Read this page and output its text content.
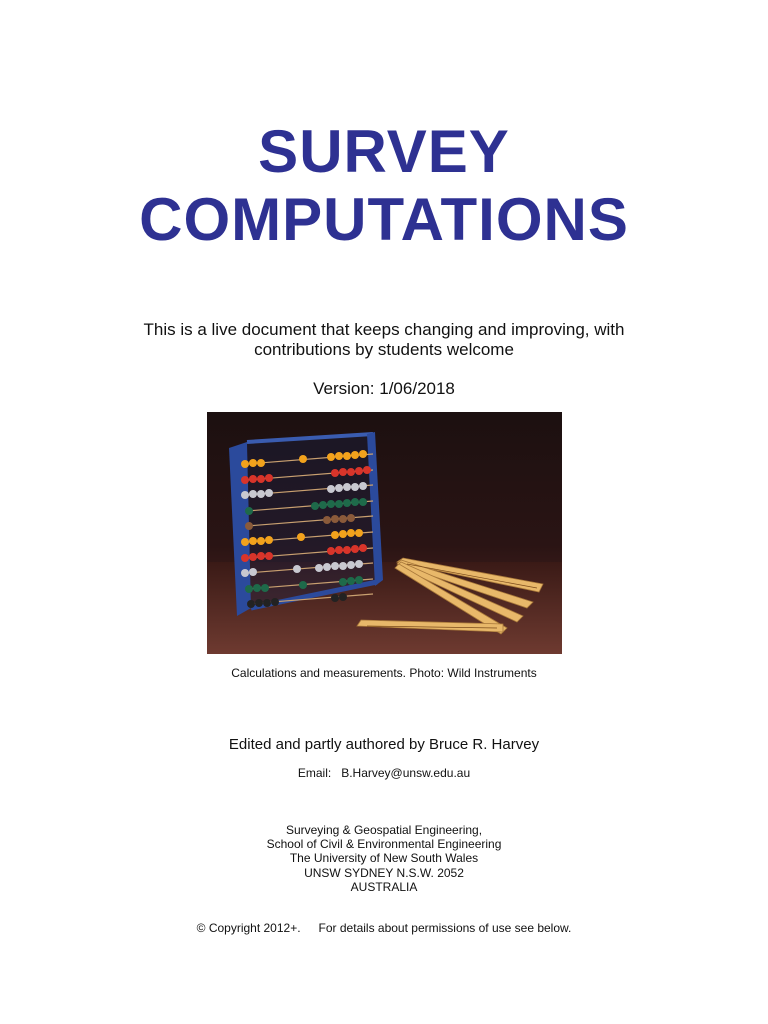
SURVEY
COMPUTATIONS
This is a live document that keeps changing and improving, with
contributions by students welcome
Version: 1/06/2018
Calculations and measurements. Photo: Wild Instruments
Edited and partly authored by Bruce R. Harvey
Email: B.Harvey@unsw.edu.au
Surveying & Geospatial Engineering,
School of Civil & Environmental Engineering
The University of New South Wales
UNSW SYDNEY N.S.W. 2052
AUSTRALIA
© Copyright 2012+. For details about permissions of use see below.
